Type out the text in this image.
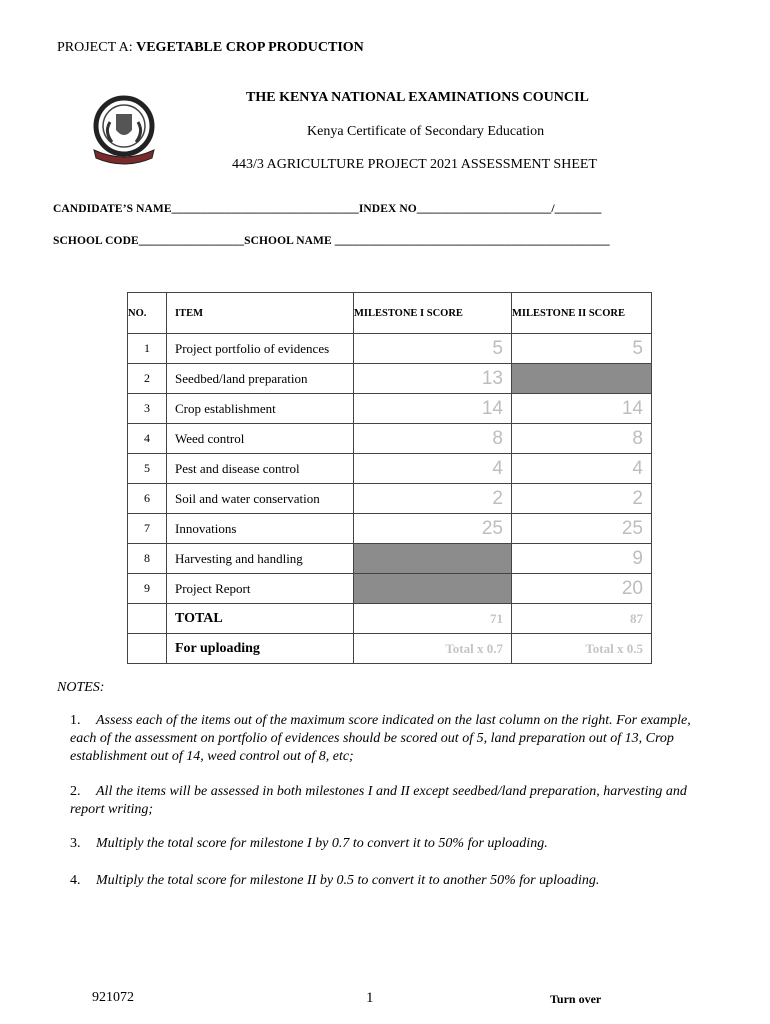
PROJECT A: VEGETABLE CROP PRODUCTION
THE KENYA NATIONAL EXAMINATIONS COUNCIL
Kenya Certificate of Secondary Education
443/3 AGRICULTURE PROJECT 2021 ASSESSMENT SHEET
CANDIDATE’S NAME________________________________INDEX NO_______________________/________
SCHOOL CODE__________________SCHOOL NAME _______________________________________________
NO.	ITEM	MILESTONE I SCORE	MILESTONE II SCORE
1	Project portfolio of evidences	5	5
2	Seedbed/land preparation	13	-
3	Crop establishment	14	14
4	Weed control	8	8
5	Pest and disease control	4	4
6	Soil and water conservation	2	2
7	Innovations	25	25
8	Harvesting and handling	-	9
9	Project Report	-	20
	TOTAL	71	87
	For uploading	Total x 0.7	Total x 0.5
NOTES:
1. Assess each of the items out of the maximum score indicated on the last column on the right. For example, each of the assessment on portfolio of evidences should be scored out of 5, land preparation out of 13, Crop establishment out of 14, weed control out of 8, etc;
2. All the items will be assessed in both milestones I and II except seedbed/land preparation, harvesting and report writing;
3. Multiply the total score for milestone I by 0.7 to convert it to 50% for uploading.
4. Multiply the total score for milestone II by 0.5 to convert it to another 50% for uploading.
921072	1	Turn over
